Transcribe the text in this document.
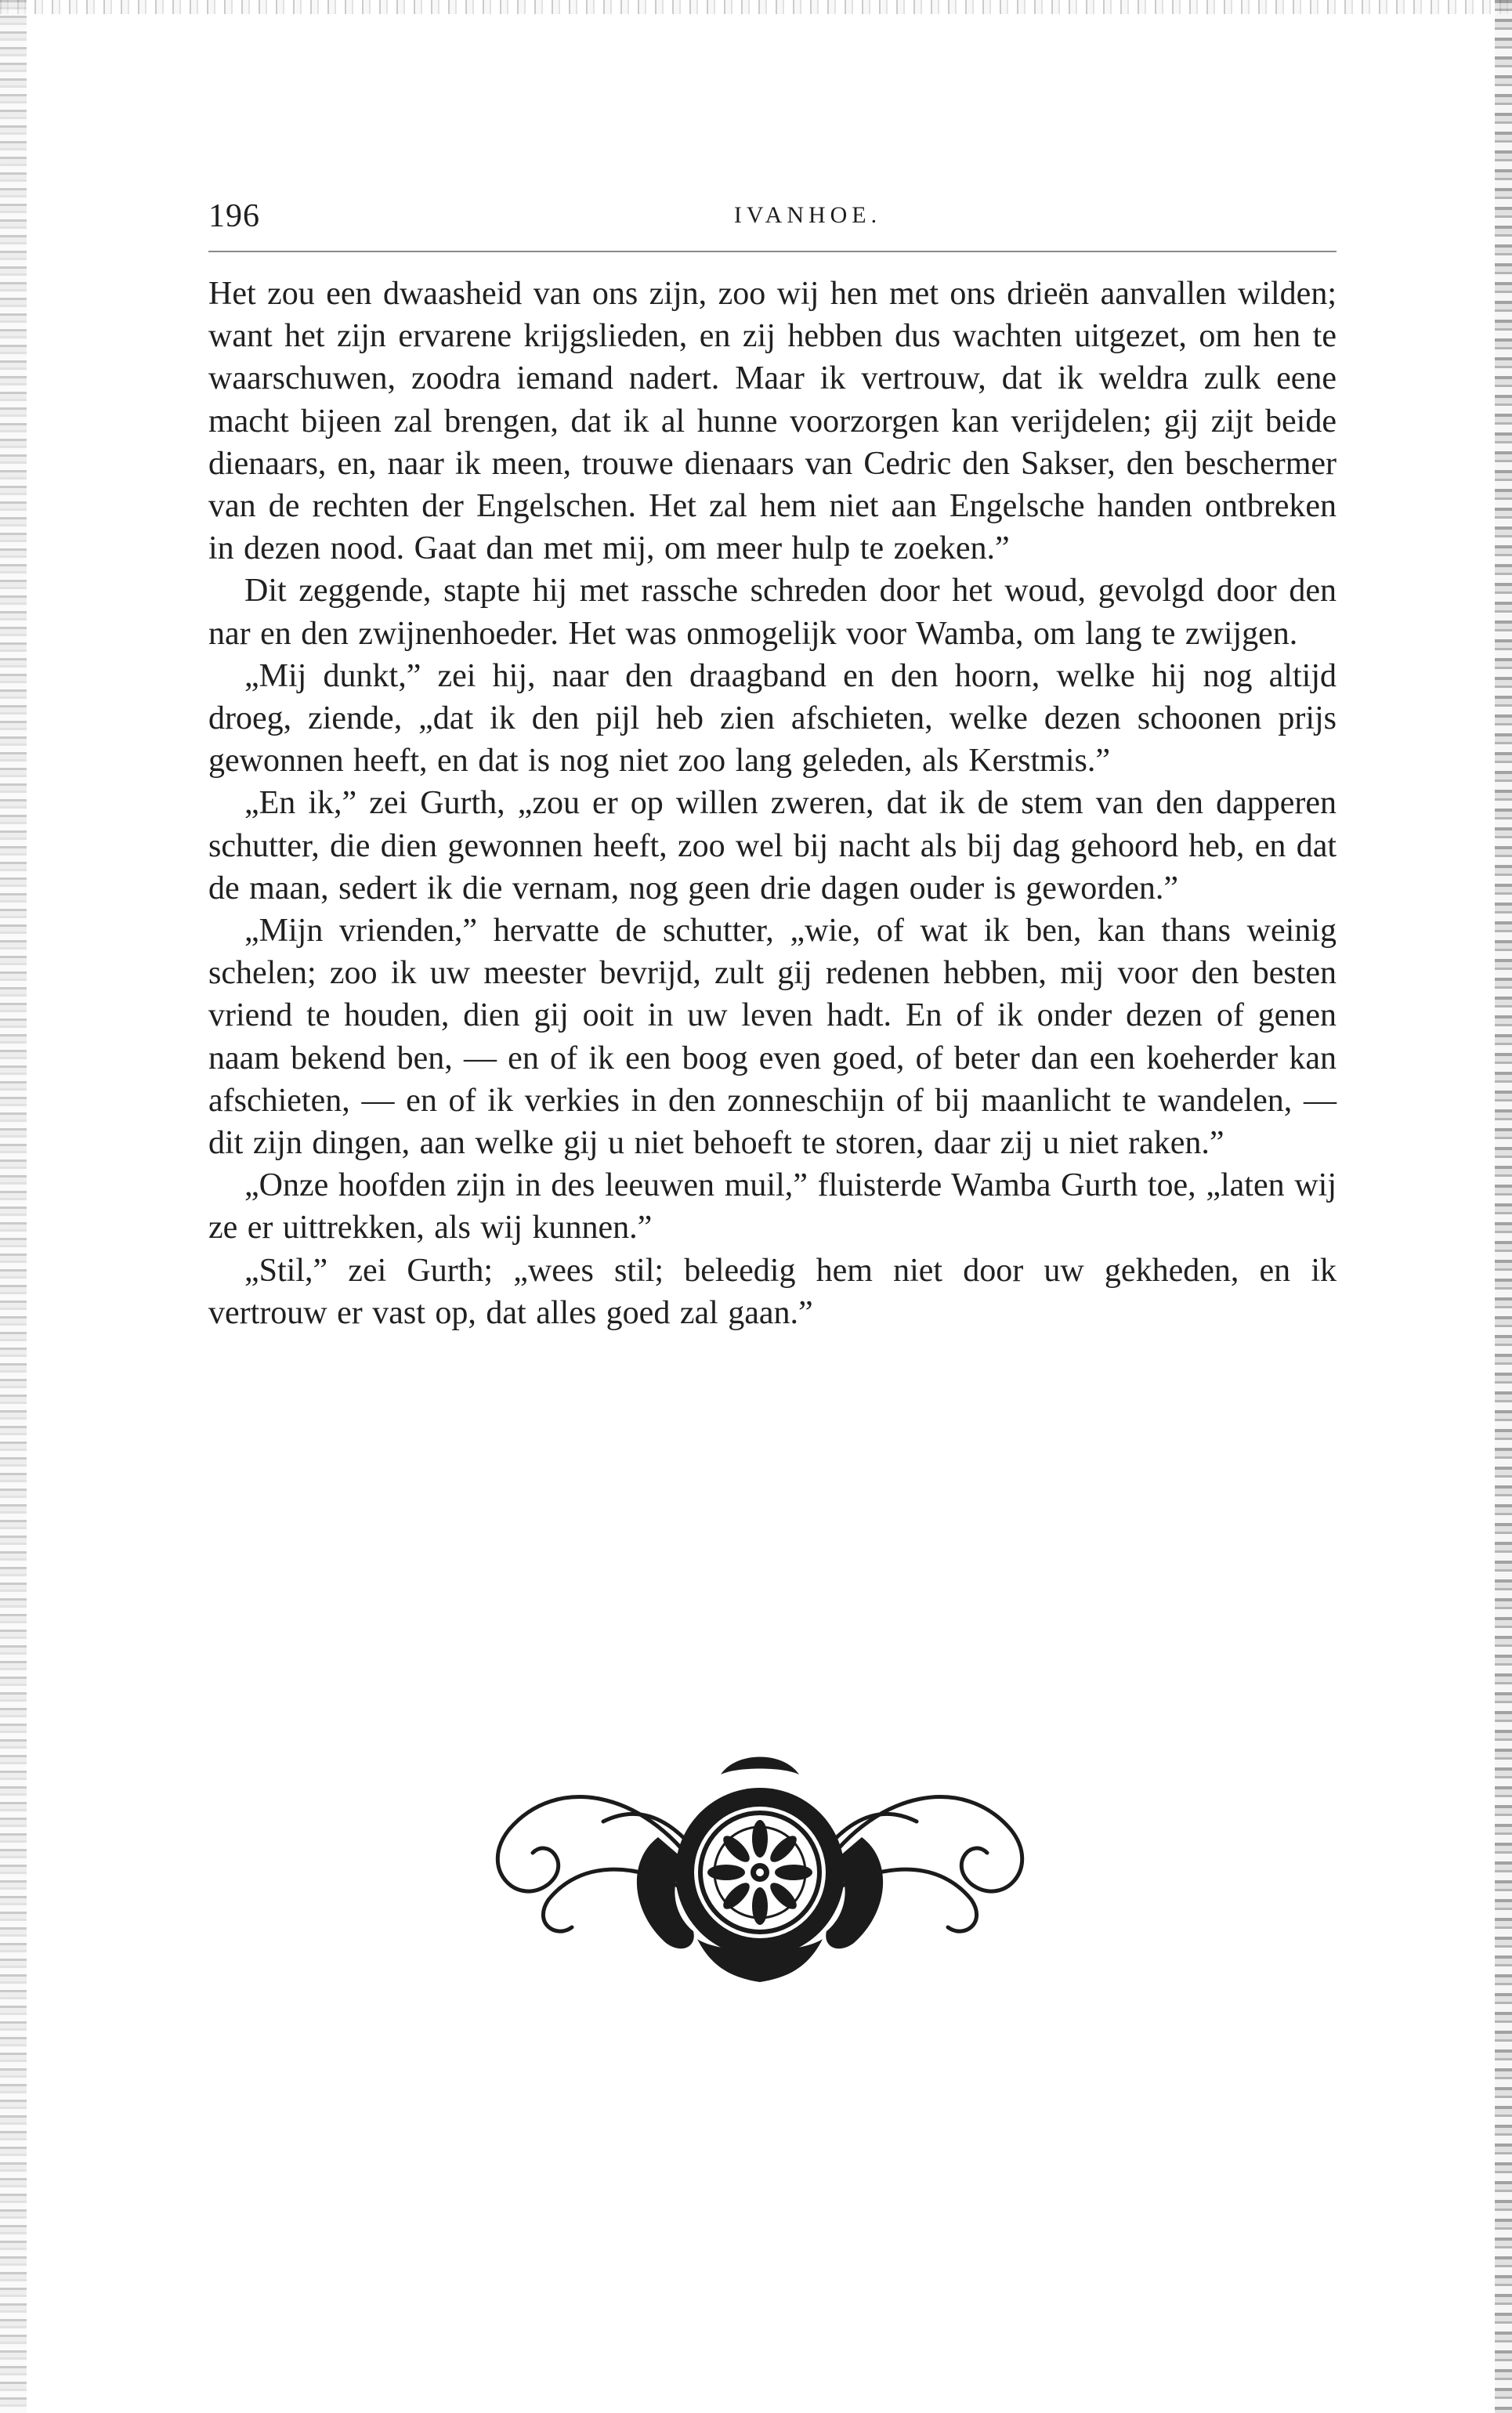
196	IVANHOE.

Het zou een dwaasheid van ons zijn, zoo wij hen met ons drieën aanvallen wilden; want het zijn ervarene krijgslieden, en zij hebben dus wachten uitgezet, om hen te waarschuwen, zoodra iemand nadert. Maar ik vertrouw, dat ik weldra zulk eene macht bijeen zal brengen, dat ik al hunne voorzorgen kan verijdelen; gij zijt beide dienaars, en, naar ik meen, trouwe dienaars van Cedric den Sakser, den beschermer van de rechten der Engelschen. Het zal hem niet aan Engelsche handen ontbreken in dezen nood. Gaat dan met mij, om meer hulp te zoeken.”

Dit zeggende, stapte hij met rassche schreden door het woud, gevolgd door den nar en den zwijnenhoeder. Het was onmogelijk voor Wamba, om lang te zwijgen.

„Mij dunkt,” zei hij, naar den draagband en den hoorn, welke hij nog altijd droeg, ziende, „dat ik den pijl heb zien afschieten, welke dezen schoonen prijs gewonnen heeft, en dat is nog niet zoo lang geleden, als Kerstmis.”

„En ik,” zei Gurth, „zou er op willen zweren, dat ik de stem van den dapperen schutter, die dien gewonnen heeft, zoo wel bij nacht als bij dag gehoord heb, en dat de maan, sedert ik die vernam, nog geen drie dagen ouder is geworden.”

„Mijn vrienden,” hervatte de schutter, „wie, of wat ik ben, kan thans weinig schelen; zoo ik uw meester bevrijd, zult gij redenen hebben, mij voor den besten vriend te houden, dien gij ooit in uw leven hadt. En of ik onder dezen of genen naam bekend ben, — en of ik een boog even goed, of beter dan een koeherder kan afschieten, — en of ik verkies in den zonneschijn of bij maanlicht te wandelen, — dit zijn dingen, aan welke gij u niet behoeft te storen, daar zij u niet raken.”

„Onze hoofden zijn in des leeuwen muil,” fluisterde Wamba Gurth toe, „laten wij ze er uittrekken, als wij kunnen.”

„Stil,” zei Gurth; „wees stil; beleedig hem niet door uw gekheden, en ik vertrouw er vast op, dat alles goed zal gaan.”
